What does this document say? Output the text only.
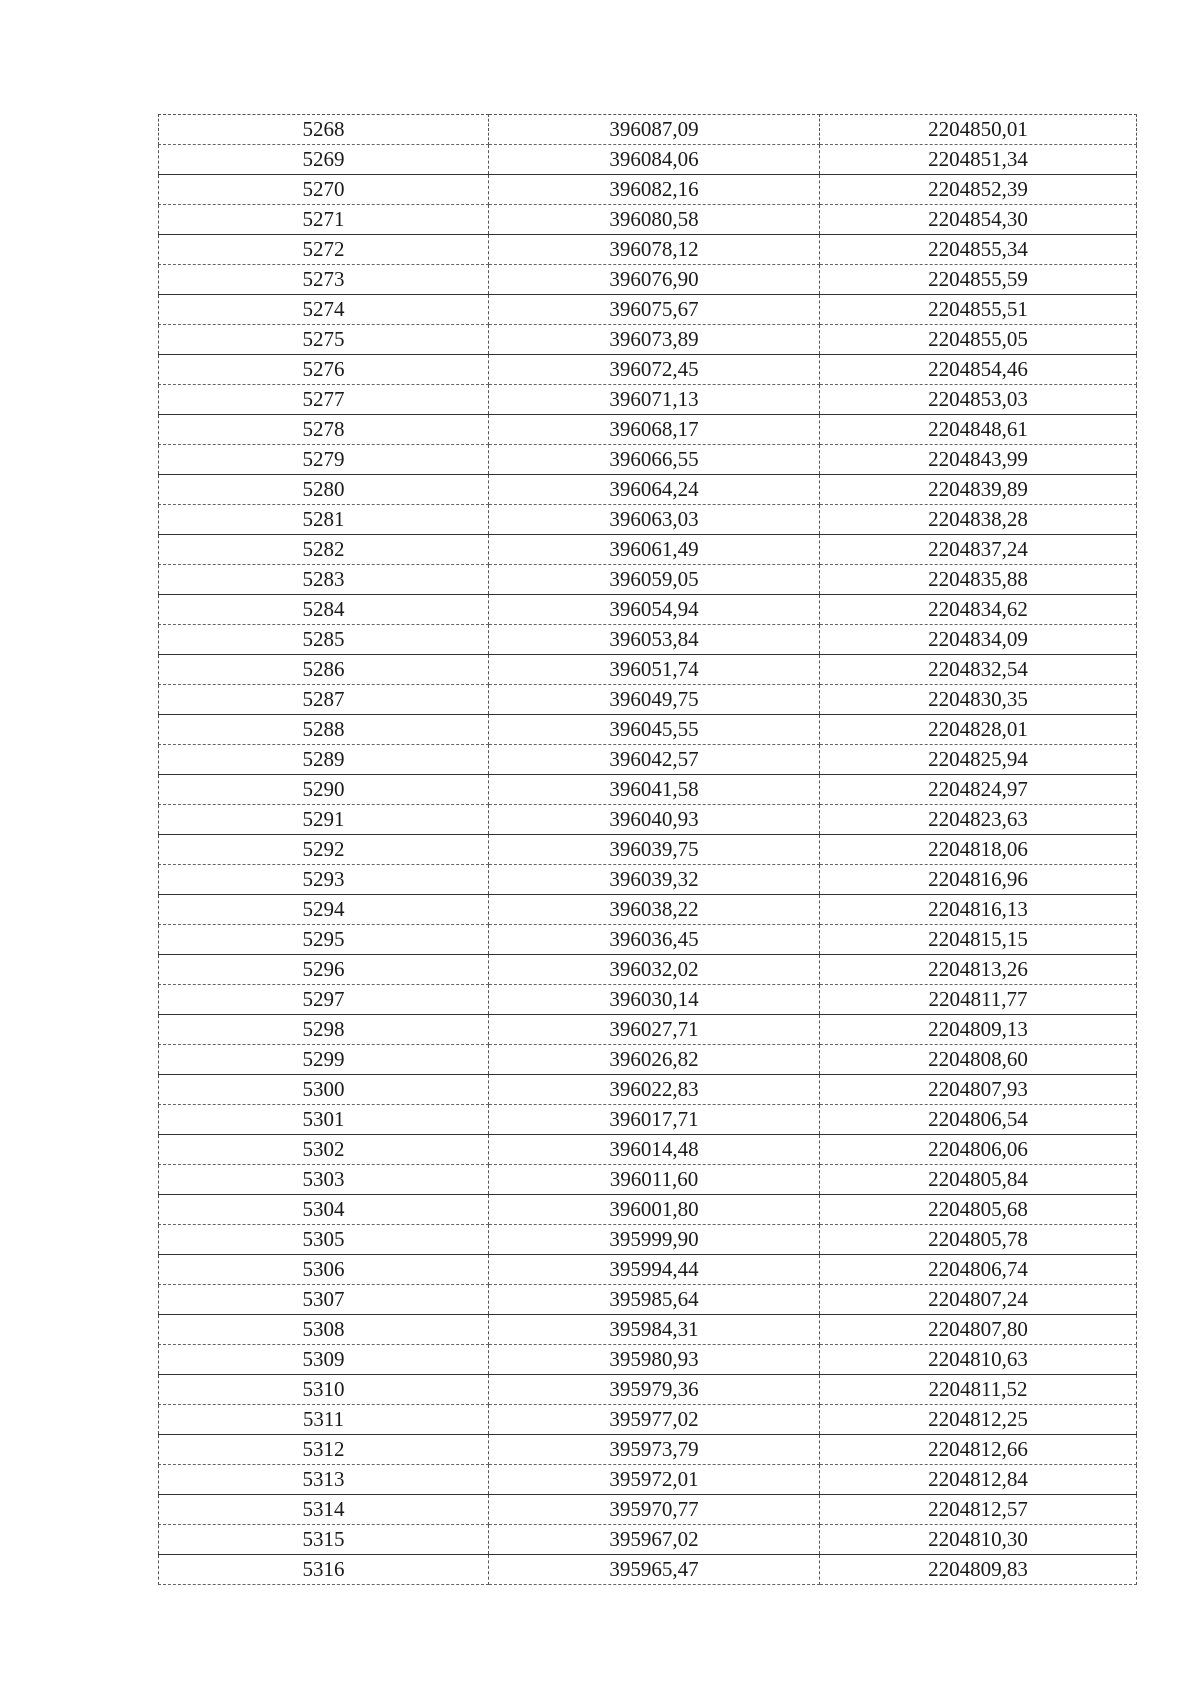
5268	396087,09	2204850,01
5269	396084,06	2204851,34
5270	396082,16	2204852,39
5271	396080,58	2204854,30
5272	396078,12	2204855,34
5273	396076,90	2204855,59
5274	396075,67	2204855,51
5275	396073,89	2204855,05
5276	396072,45	2204854,46
5277	396071,13	2204853,03
5278	396068,17	2204848,61
5279	396066,55	2204843,99
5280	396064,24	2204839,89
5281	396063,03	2204838,28
5282	396061,49	2204837,24
5283	396059,05	2204835,88
5284	396054,94	2204834,62
5285	396053,84	2204834,09
5286	396051,74	2204832,54
5287	396049,75	2204830,35
5288	396045,55	2204828,01
5289	396042,57	2204825,94
5290	396041,58	2204824,97
5291	396040,93	2204823,63
5292	396039,75	2204818,06
5293	396039,32	2204816,96
5294	396038,22	2204816,13
5295	396036,45	2204815,15
5296	396032,02	2204813,26
5297	396030,14	2204811,77
5298	396027,71	2204809,13
5299	396026,82	2204808,60
5300	396022,83	2204807,93
5301	396017,71	2204806,54
5302	396014,48	2204806,06
5303	396011,60	2204805,84
5304	396001,80	2204805,68
5305	395999,90	2204805,78
5306	395994,44	2204806,74
5307	395985,64	2204807,24
5308	395984,31	2204807,80
5309	395980,93	2204810,63
5310	395979,36	2204811,52
5311	395977,02	2204812,25
5312	395973,79	2204812,66
5313	395972,01	2204812,84
5314	395970,77	2204812,57
5315	395967,02	2204810,30
5316	395965,47	2204809,83
